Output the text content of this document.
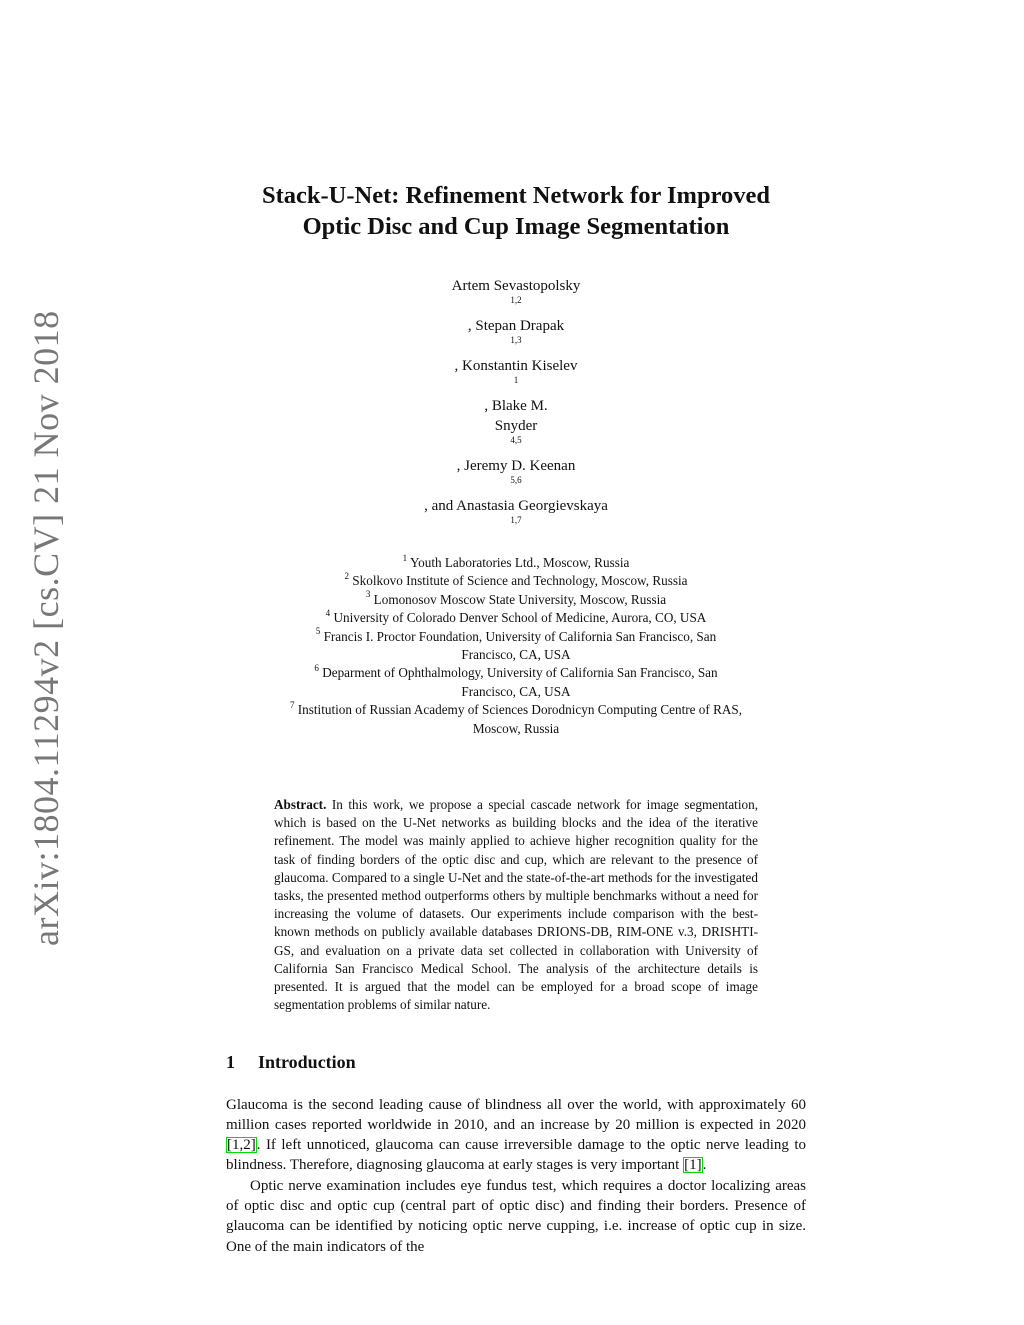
arXiv:1804.11294v2 [cs.CV] 21 Nov 2018
Stack-U-Net: Refinement Network for Improved
Optic Disc and Cup Image Segmentation
Artem Sevastopolsky
$^{1,2}$
, Stepan Drapak
$^{1,3}$
, Konstantin Kiselev
$^1$
, Blake M.
Snyder
$^{4,5}$
, Jeremy D. Keenan
$^{5,6}$
, and Anastasia Georgievskaya
$^{1,7}$
$^1$ Youth Laboratories Ltd., Moscow, Russia
$^2$ Skolkovo Institute of Science and Technology, Moscow, Russia
$^3$ Lomonosov Moscow State University, Moscow, Russia
$^4$ University of Colorado Denver School of Medicine, Aurora, CO, USA
$^5$ Francis I. Proctor Foundation, University of California San Francisco, San
Francisco, CA, USA
$^6$ Deparment of Ophthalmology, University of California San Francisco, San
Francisco, CA, USA
$^7$ Institution of Russian Academy of Sciences Dorodnicyn Computing Centre of RAS,
Moscow, Russia
Abstract. In this work, we propose a special cascade network for image segmentation, which is based on the U-Net networks as building blocks and the idea of the iterative refinement. The model was mainly applied to achieve higher recognition quality for the task of finding borders of the optic disc and cup, which are relevant to the presence of glaucoma. Compared to a single U-Net and the state-of-the-art methods for the investigated tasks, the presented method outperforms others by multiple benchmarks without a need for increasing the volume of datasets. Our experiments include comparison with the best-known methods on publicly available databases DRIONS-DB, RIM-ONE v.3, DRISHTI-GS, and evaluation on a private data set collected in collaboration with University of California San Francisco Medical School. The analysis of the architecture details is presented. It is argued that the model can be employed for a broad scope of image segmentation problems of similar nature.
1 Introduction

Glaucoma is the second leading cause of blindness all over the world, with approximately 60 million cases reported worldwide in 2010, and an increase by 20 million is expected in 2020 [1,2]. If left unnoticed, glaucoma can cause irreversible damage to the optic nerve leading to blindness. Therefore, diagnosing glaucoma at early stages is very important [1].

Optic nerve examination includes eye fundus test, which requires a doctor localizing areas of optic disc and optic cup (central part of optic disc) and finding their borders. Presence of glaucoma can be identified by noticing optic nerve cupping, i.e. increase of optic cup in size. One of the main indicators of the
